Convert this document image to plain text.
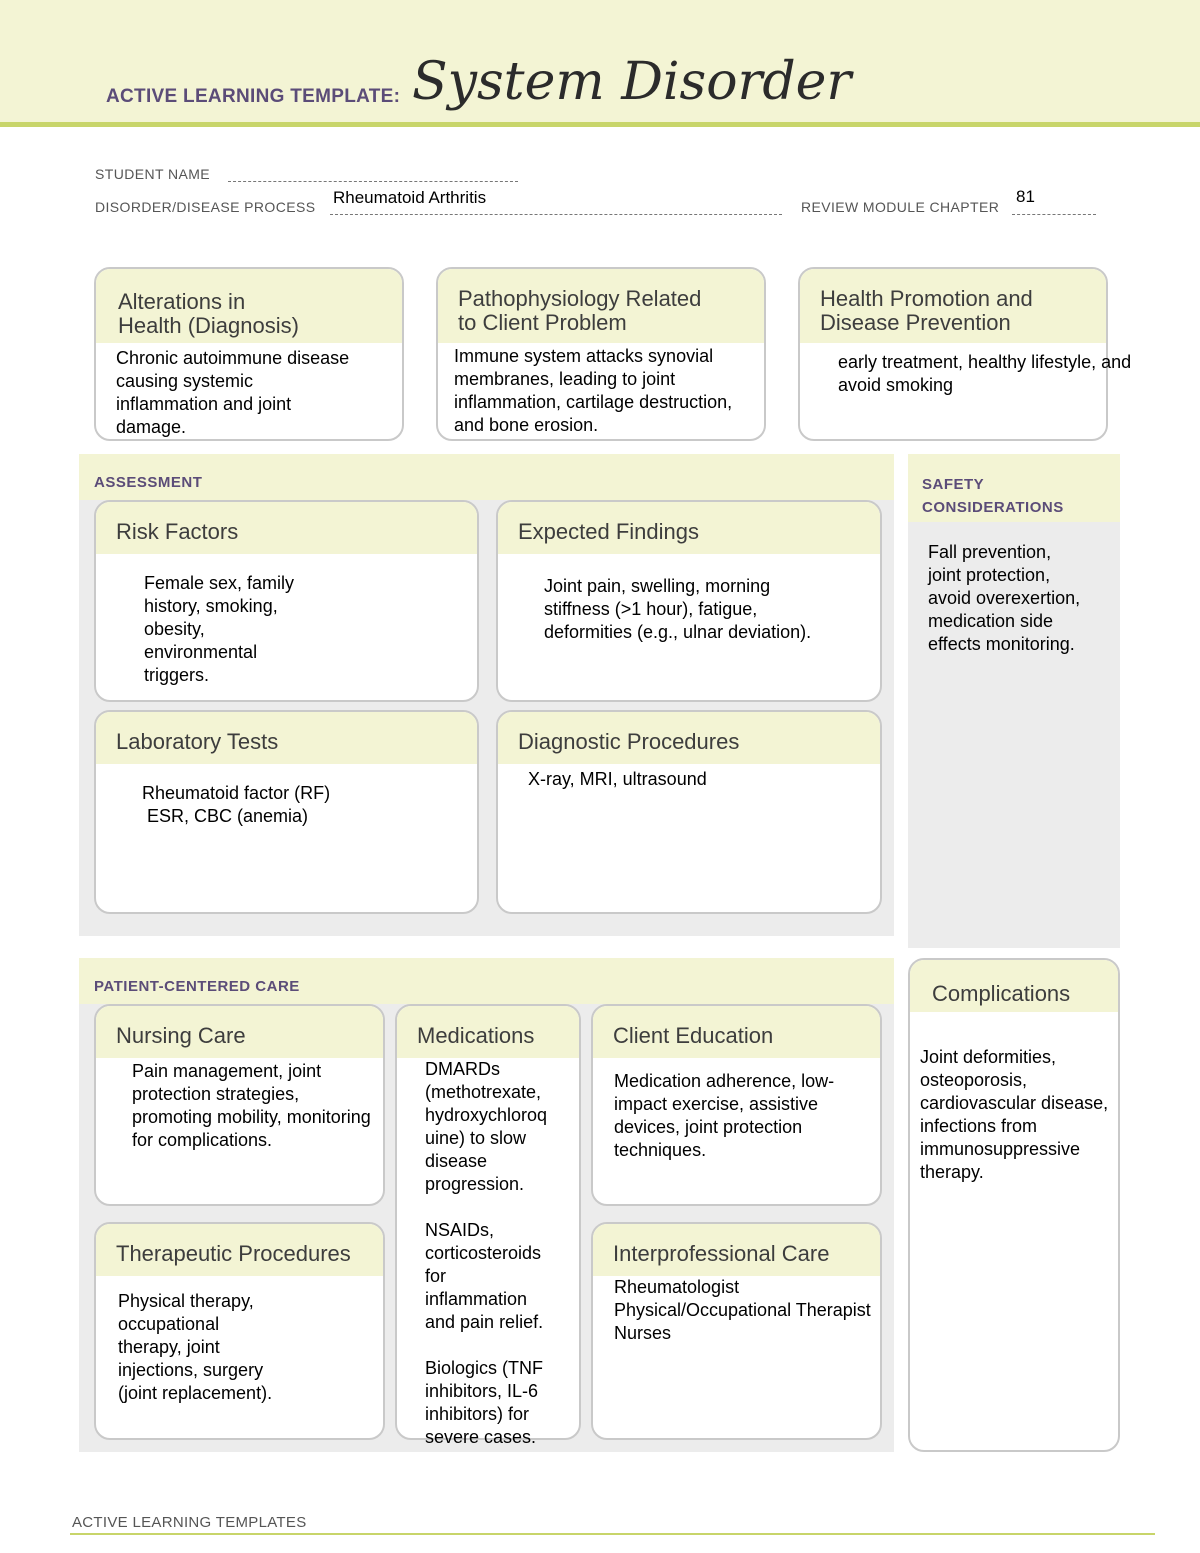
ACTIVE LEARNING TEMPLATE: System Disorder
STUDENT NAME
DISORDER/DISEASE PROCESS Rheumatoid Arthritis	REVIEW MODULE CHAPTER
81
Alterations in
Health (Diagnosis)
Chronic autoimmune disease
causing systemic
inflammation and joint
damage.
Pathophysiology Related
to Client Problem
Immune system attacks synovial
membranes, leading to joint
inflammation, cartilage destruction,
and bone erosion.
Health Promotion and
Disease Prevention
early treatment, healthy lifestyle, and
avoid smoking
ASSESSMENT
Risk Factors
Female sex, family
history, smoking,
obesity,
environmental
triggers.
Expected Findings
Joint pain, swelling, morning
stiffness (>1 hour), fatigue,
deformities (e.g., ulnar deviation).
Laboratory Tests
Rheumatoid factor (RF)
ESR, CBC (anemia)
Diagnostic Procedures
X-ray, MRI, ultrasound
SAFETY
CONSIDERATIONS
Fall prevention,
joint protection,
avoid overexertion,
medication side
effects monitoring.
PATIENT-CENTERED CARE
Nursing Care
Pain management, joint
protection strategies,
promoting mobility, monitoring
for complications.
Medications
DMARDs
(methotrexate,
hydroxychloroq
uine) to slow
disease
progression.

NSAIDs,
corticosteroids
for
inflammation
and pain relief.

Biologics (TNF
inhibitors, IL-6
inhibitors) for
severe cases.
Client Education
Medication adherence, low-
impact exercise, assistive
devices, joint protection
techniques.
Therapeutic Procedures
Physical therapy,
occupational
therapy, joint
injections, surgery
(joint replacement).
Interprofessional Care
Rheumatologist
Physical/Occupational Therapist
Nurses
Complications
Joint deformities,
osteoporosis,
cardiovascular disease,
infections from
immunosuppressive
therapy.
ACTIVE LEARNING TEMPLATES
